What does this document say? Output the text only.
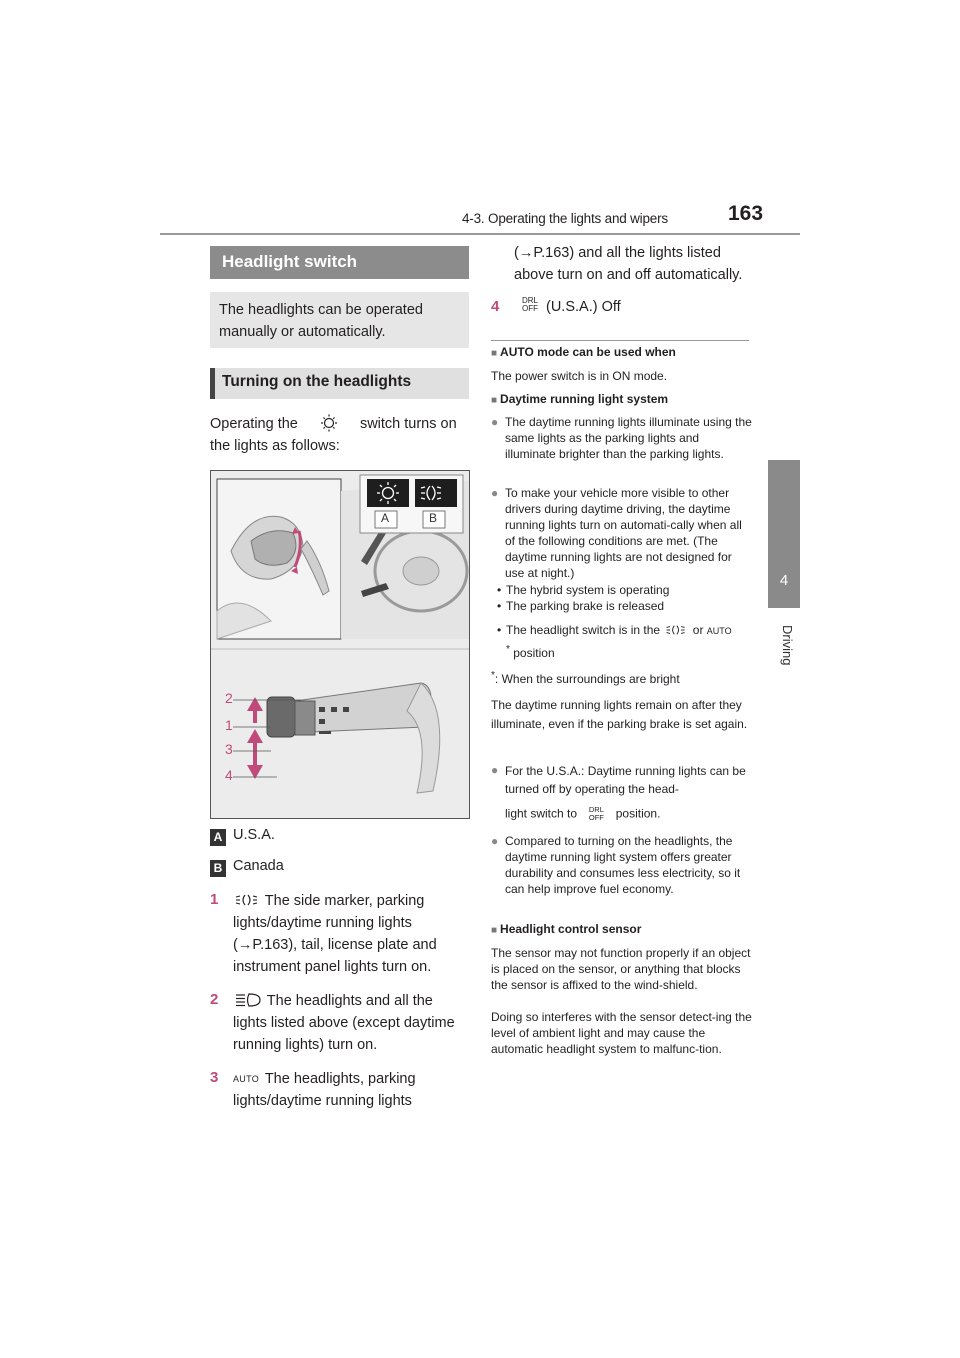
4-3. Operating the lights and wipers	163
4
Driving
Headlight switch
The headlights can be operated manually or automatically.
Turning on the headlights
Operating the	switch turns on the lights as follows:
A	B
2
1
3
4
A U.S.A.
B Canada
1	The side marker, parking
lights/daytime running lights
(→P.163), tail, license plate and
instrument panel lights turn on.
2	The headlights and all the
lights listed above (except daytime
running lights) turn on.
3 AUTO The headlights, parking
lights/daytime running lights
(→P.163) and all the lights listed
above turn on and off automatically.
4	DRL
OFF (U.S.A.) Off
■ AUTO mode can be used when
The power switch is in ON mode.
■ Daytime running light system
● The daytime running lights illuminate using the same lights as the parking lights and illuminate brighter than the parking lights.
● To make your vehicle more visible to other drivers during daytime driving, the daytime running lights turn on automati-cally when all of the following conditions are met. (The daytime running lights are not designed for use at night.)
• The hybrid system is operating
• The parking brake is released
• The headlight switch is in the	or AUTO
* position
*: When the surroundings are bright
The daytime running lights remain on after they illuminate, even if the parking brake is set again.
● For the U.S.A.: Daytime running lights can be turned off by operating the head-
light switch to DRL
OFF position.
● Compared to turning on the headlights, the daytime running light system offers greater durability and consumes less electricity, so it can help improve fuel economy.
■ Headlight control sensor
The sensor may not function properly if an object is placed on the sensor, or anything that blocks the sensor is affixed to the wind-shield.
Doing so interferes with the sensor detect-ing the level of ambient light and may cause the automatic headlight system to malfunc-tion.
